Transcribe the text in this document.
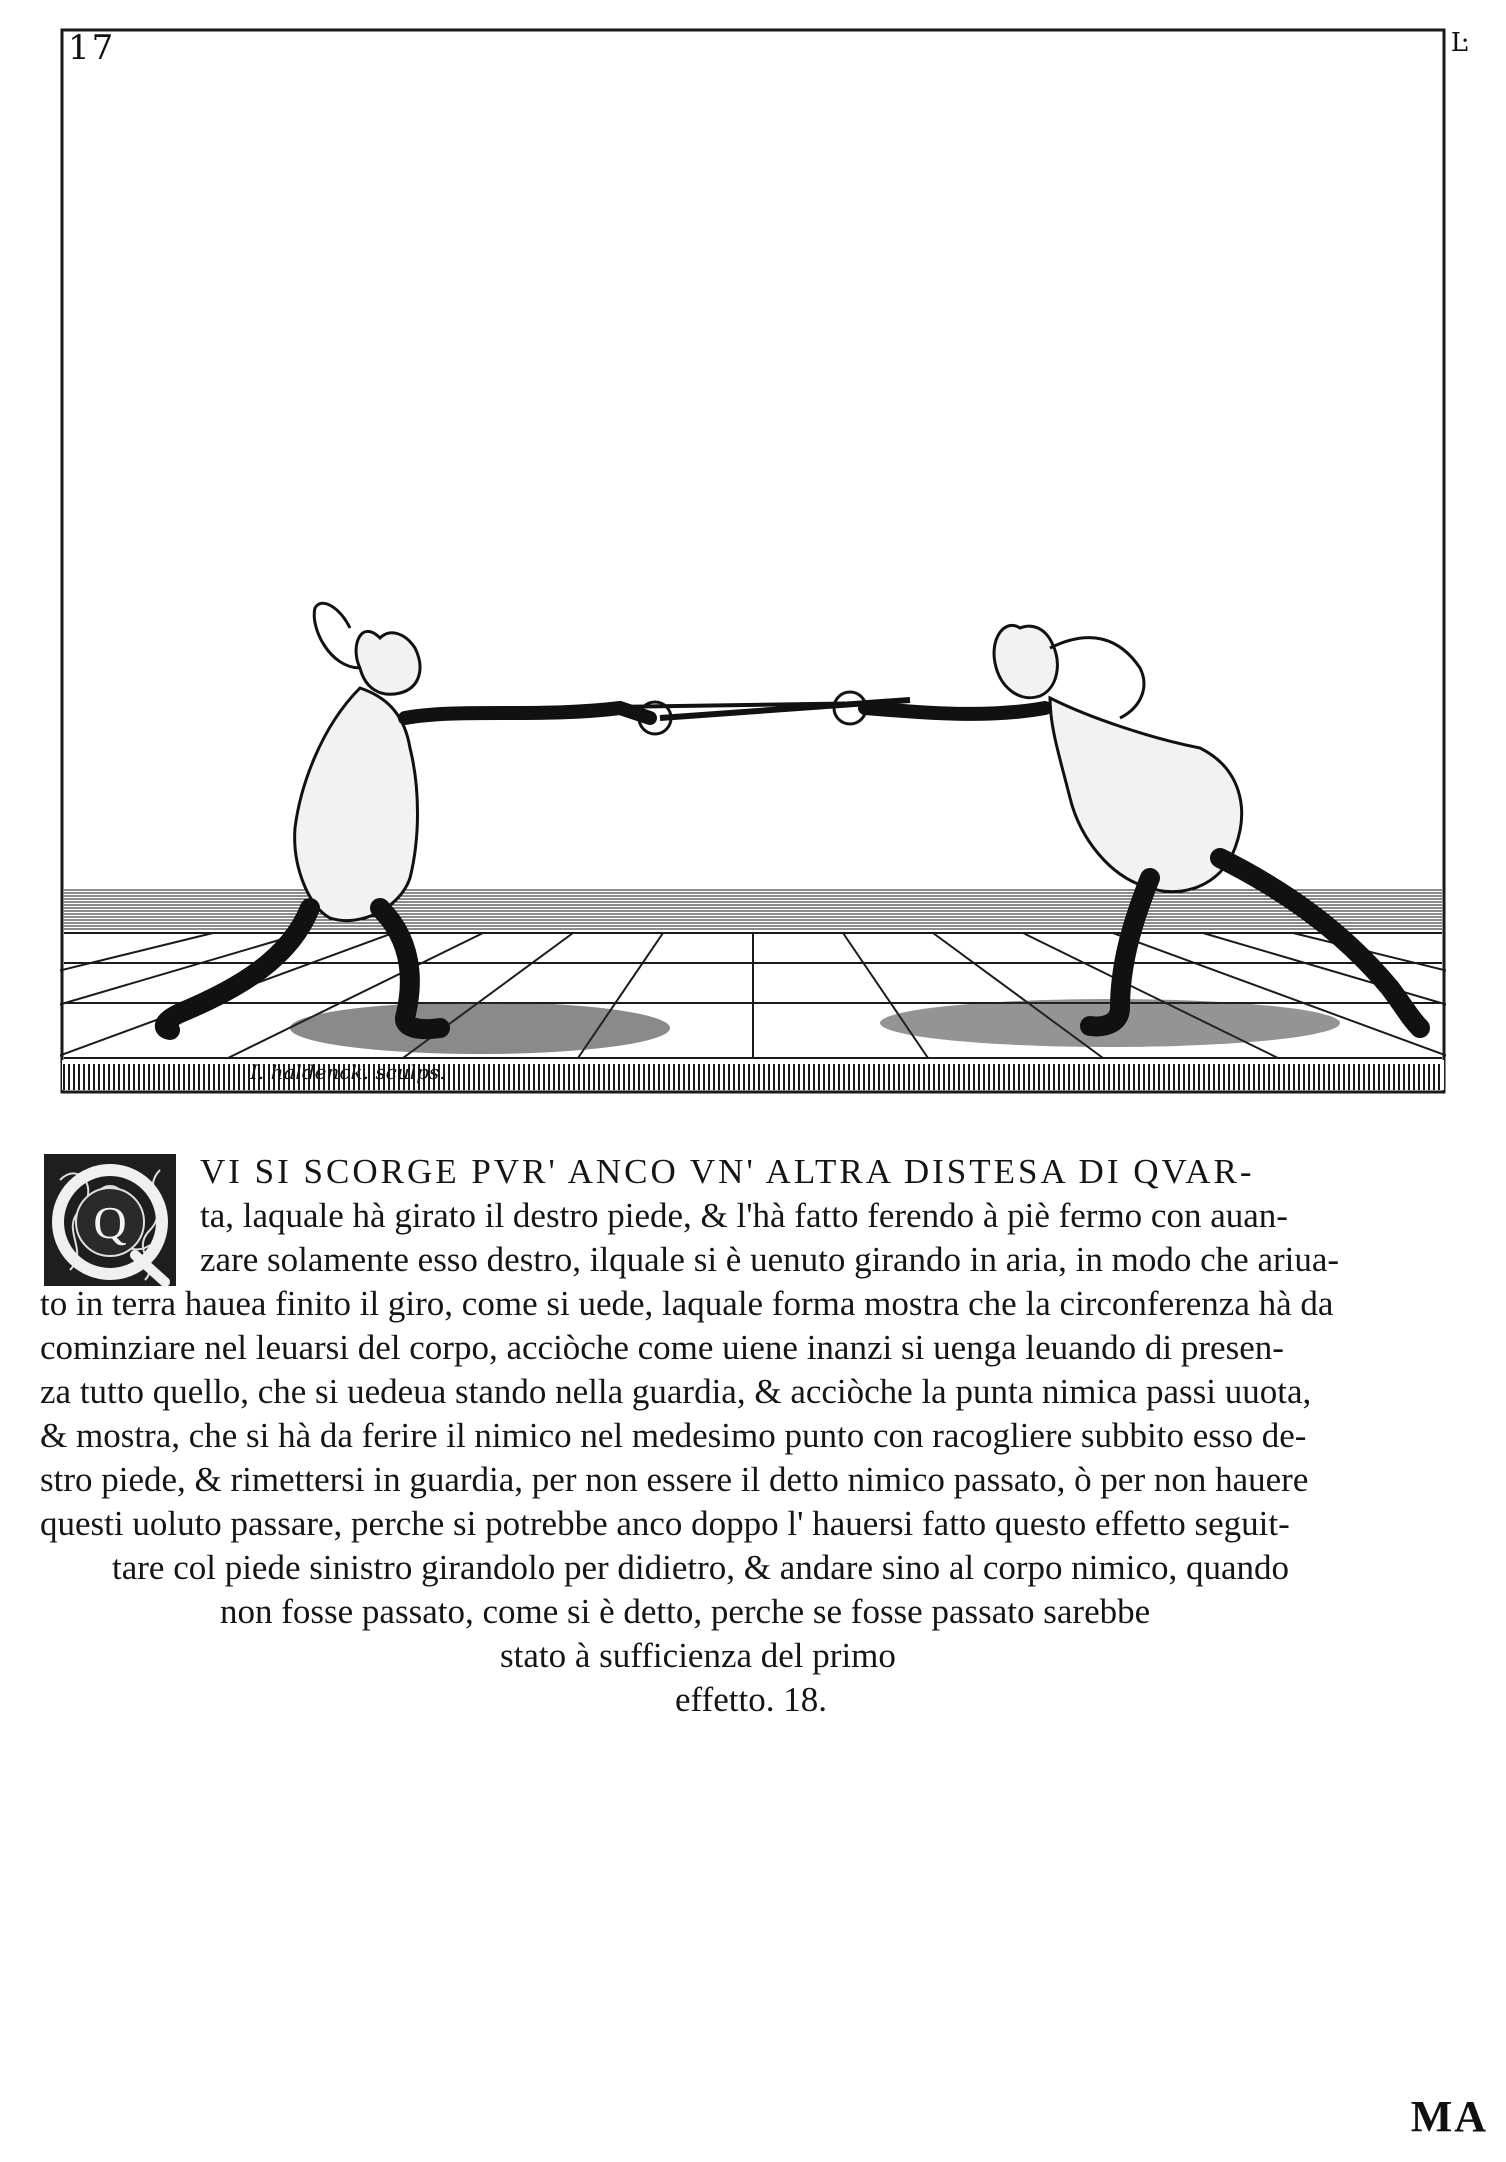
17	Ŀ
I. haldenck. sculps.
Q
VI SI SCORGE PVR' ANCO VN' ALTRA DISTESA DI QVAR-
ta, laquale hà girato il destro piede, & l'hà fatto ferendo à piè fermo con auan-
zare solamente esso destro, ilquale si è uenuto girando in aria, in modo che ariua-
to in terra hauea finito il giro, come si uede, laquale forma mostra che la circonferenza hà da
cominziare nel leuarsi del corpo, acciòche come uiene inanzi si uenga leuando di presen-
za tutto quello, che si uedeua stando nella guardia, & acciòche la punta nimica passi uuota,
& mostra, che si hà da ferire il nimico nel medesimo punto con racogliere subbito esso de-
stro piede, & rimettersi in guardia, per non essere il detto nimico passato, ò per non hauere
questi uoluto passare, perche si potrebbe anco doppo l' hauersi fatto questo effetto seguit-
tare col piede sinistro girandolo per didietro, & andare sino al corpo nimico, quando
non fosse passato, come si è detto, perche se fosse passato sarebbe
stato à sufficienza del primo
effetto. 18.
MA
